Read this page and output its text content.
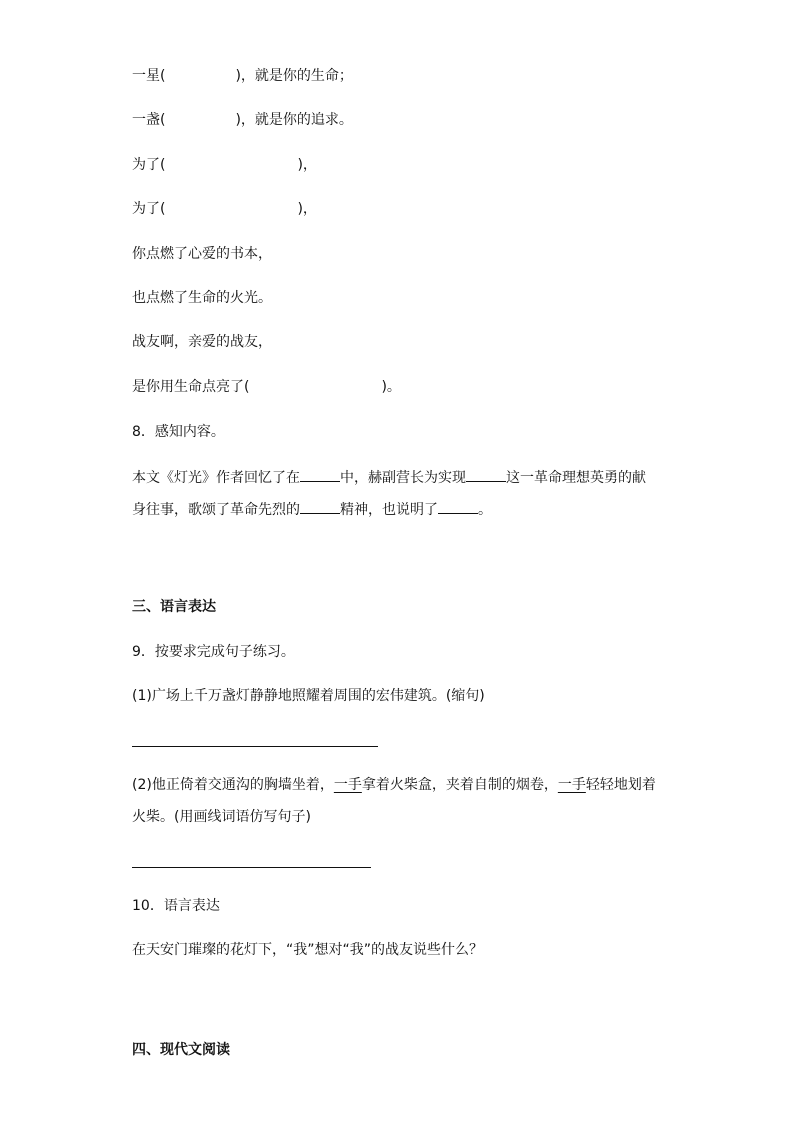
一星(	)，就是你的生命；
一盏(	)，就是你的追求。
为了(	)，
为了(	)，
你点燃了心爱的书本，
也点燃了生命的火光。
战友啊，亲爱的战友，
是你用生命点亮了(	)。
8．感知内容。
本文《灯光》作者回忆了在	中，赫副营长为实现	这一革命理想英勇的献
身往事，歌颂了革命先烈的	精神，也说明了	。
三、语言表达
9．按要求完成句子练习。
(1)广场上千万盏灯静静地照耀着周围的宏伟建筑。(缩句)
(2)他正倚着交通沟的胸墙坐着，一手拿着火柴盒，夹着自制的烟卷，一手轻轻地划着
火柴。(用画线词语仿写句子)
10．语言表达
在天安门璀璨的花灯下，“我”想对“我”的战友说些什么？
四、现代文阅读
